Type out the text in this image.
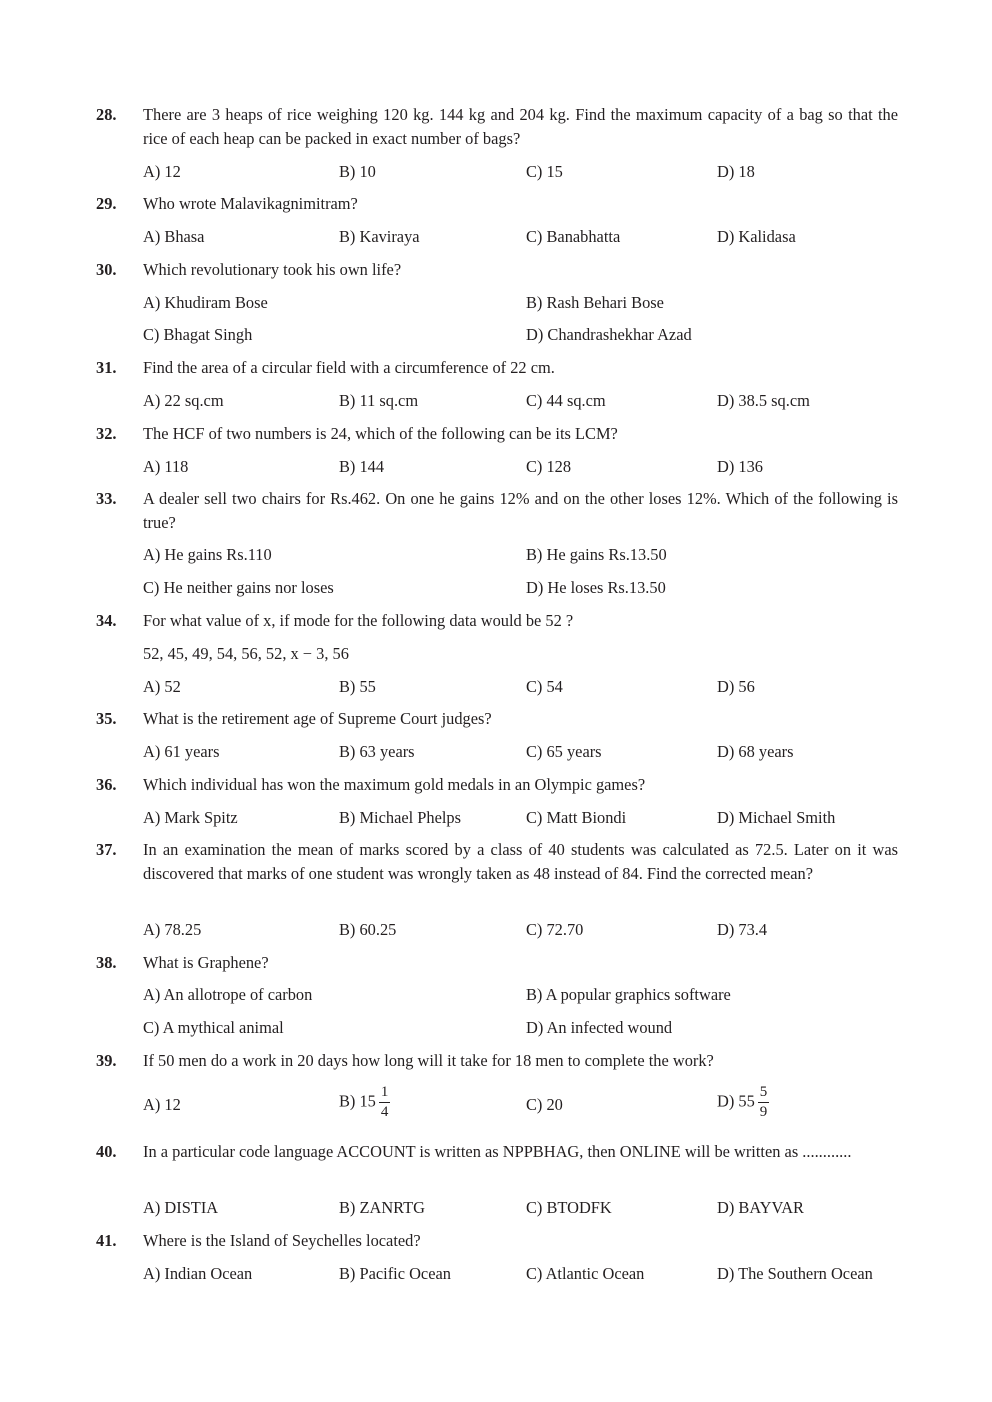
28.	There are 3 heaps of rice weighing 120 kg. 144 kg and 204 kg. Find the maximum capacity of a bag so that the rice of each heap can be packed in exact number of bags?
A) 12	B) 10	C) 15	D) 18
29.	Who wrote Malavikagnimitram?
A) Bhasa	B) Kaviraya	C) Banabhatta	D) Kalidasa
30.	Which revolutionary took his own life?
A) Khudiram Bose	B) Rash Behari Bose
C) Bhagat Singh	D) Chandrashekhar Azad
31.	Find the area of a circular field with a circumference of 22 cm.
A) 22 sq.cm	B) 11 sq.cm	C) 44 sq.cm	D) 38.5 sq.cm
32.	The HCF of two numbers is 24, which of the following can be its LCM?
A) 118	B) 144	C) 128	D) 136
33.	A dealer sell two chairs for Rs.462. On one he gains 12% and on the other loses 12%. Which of the following is true?
A) He gains Rs.110	B) He gains Rs.13.50
C) He neither gains nor loses	D) He loses Rs.13.50
34.	For what value of x, if mode for the following data would be 52 ?
52, 45, 49, 54, 56, 52, x − 3, 56
A) 52	B) 55	C) 54	D) 56
35.	What is the retirement age of Supreme Court judges?
A) 61 years	B) 63 years	C) 65 years	D) 68 years
36.	Which individual has won the maximum gold medals in an Olympic games?
A) Mark Spitz	B) Michael Phelps	C) Matt Biondi	D) Michael Smith
37.	In an examination the mean of marks scored by a class of 40 students was calculated as 72.5. Later on it was discovered that marks of one student was wrongly taken as 48 instead of 84. Find the corrected mean?
A) 78.25	B) 60.25	C) 72.70	D) 73.4
38.	What is Graphene?
A) An allotrope of carbon	B) A popular graphics software
C) A mythical animal	D) An infected wound
39.	If 50 men do a work in 20 days how long will it take for 18 men to complete the work?
A) 12	B) $15 \frac{1}{4}$	C) 20	D) $55 \frac{5}{9}$
40.	In a particular code language ACCOUNT is written as NPPBHAG, then ONLINE will be written as ............
A) DISTIA	B) ZANRTG	C) BTODFK	D) BAYVAR
41.	Where is the Island of Seychelles located?
A) Indian Ocean	B) Pacific Ocean	C) Atlantic Ocean	D) The Southern Ocean
